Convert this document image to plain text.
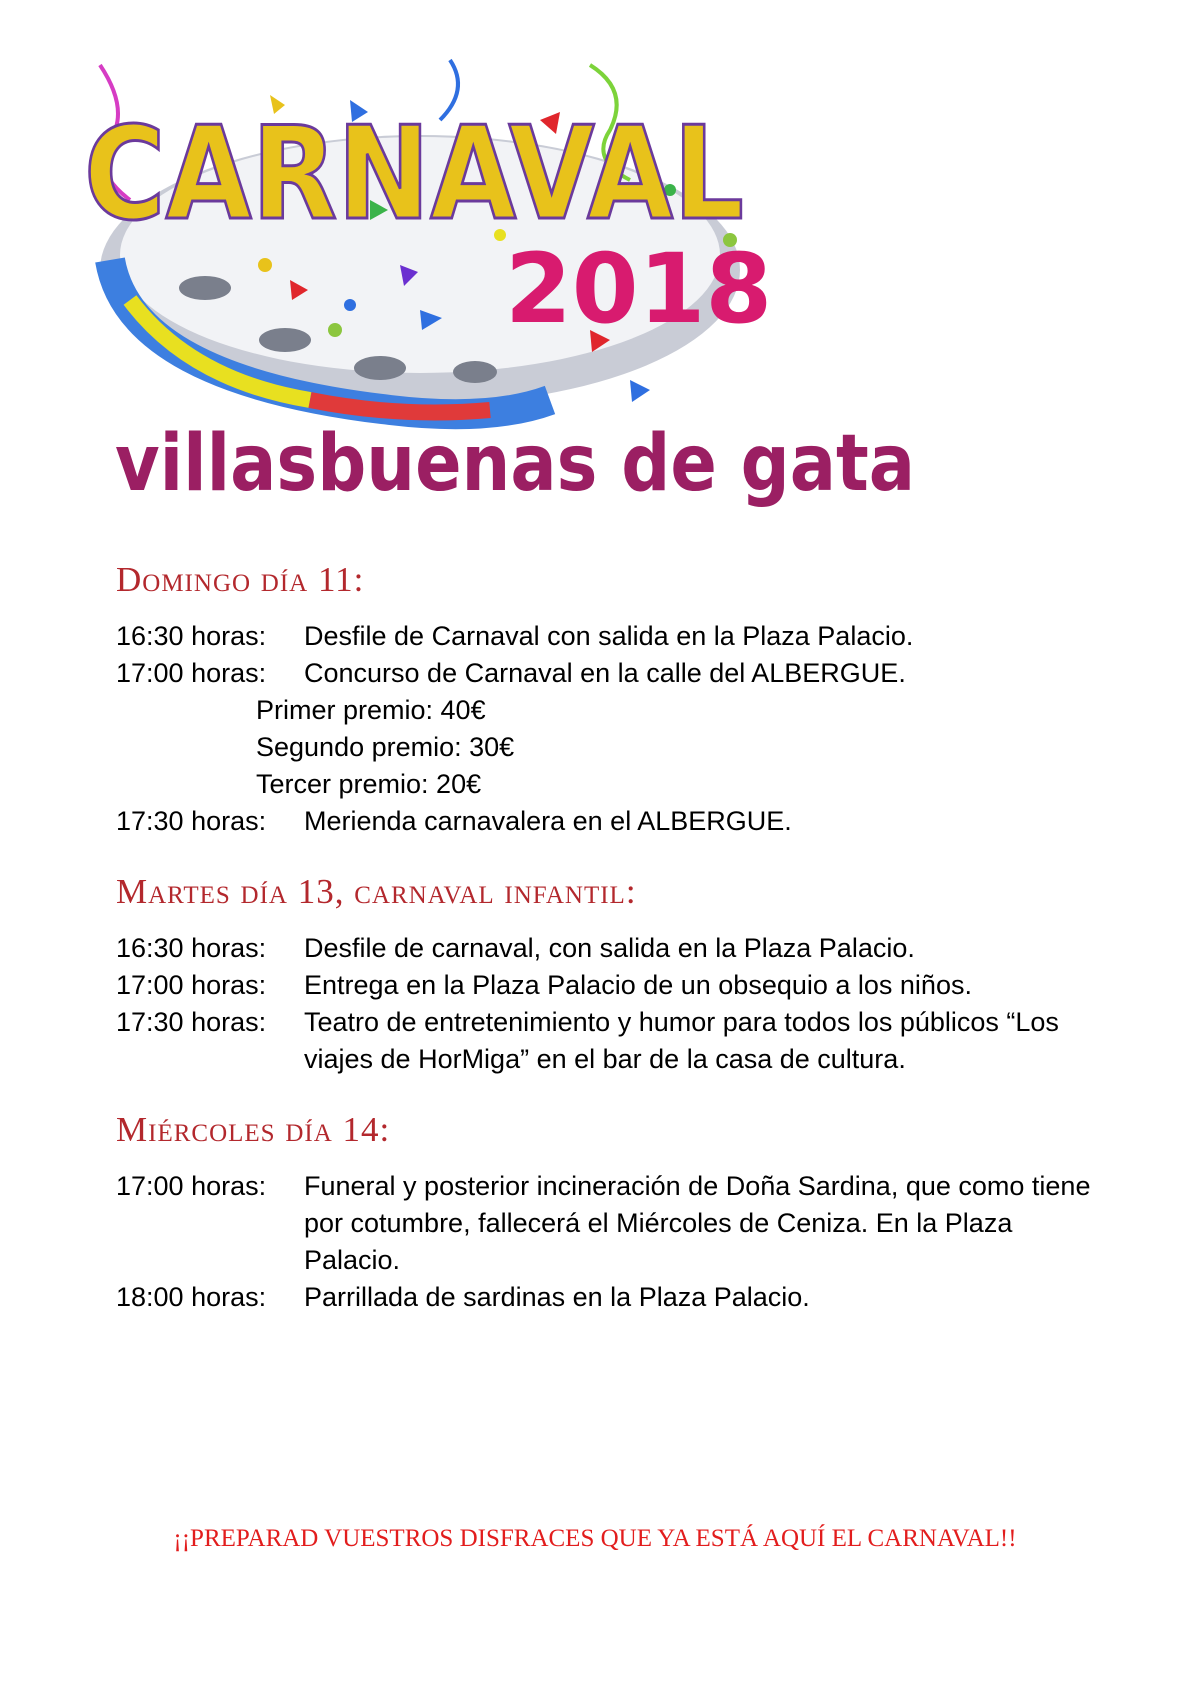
CARNAVAL
2018
villasbuenas de gata
Domingo día 11:
16:30 horas:	Desfile de Carnaval con salida en la Plaza Palacio.
17:00 horas:	Concurso de Carnaval en la calle del ALBERGUE.
Primer premio: 40€
Segundo premio: 30€
Tercer premio: 20€
17:30 horas:	Merienda carnavalera en el ALBERGUE.
Martes día 13, carnaval infantil:
16:30 horas:	Desfile de carnaval, con salida en la Plaza Palacio.
17:00 horas:	Entrega en la Plaza Palacio de un obsequio a los niños.
17:30 horas:	Teatro de entretenimiento y humor para todos los públicos “Los viajes de HorMiga” en el bar de la casa de cultura.
Miércoles día 14:
17:00 horas:	Funeral y posterior incineración de Doña Sardina, que como tiene por cotumbre, fallecerá el Miércoles de Ceniza. En la Plaza Palacio.
18:00 horas:	Parrillada de sardinas en la Plaza Palacio.
¡¡PREPARAD VUESTROS DISFRACES QUE YA ESTÁ AQUÍ EL CARNAVAL!!
